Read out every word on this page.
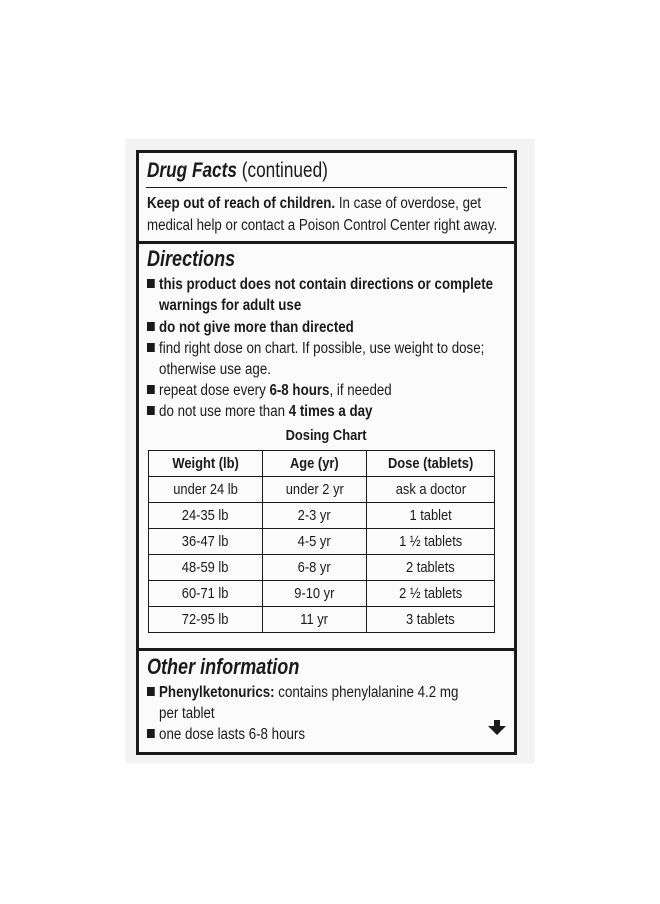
Drug Facts (continued)
Keep out of reach of children. In case of overdose, get
medical help or contact a Poison Control Center right away.
Directions
this product does not contain directions or complete
warnings for adult use
do not give more than directed
find right dose on chart. If possible, use weight to dose;
otherwise use age.
repeat dose every 6-8 hours, if needed
do not use more than 4 times a day
Dosing Chart
Weight (lb)	Age (yr)	Dose (tablets)
under 24 lb	under 2 yr	ask a doctor
24-35 lb	2-3 yr	1 tablet
36-47 lb	4-5 yr	1 ½ tablets
48-59 lb	6-8 yr	2 tablets
60-71 lb	9-10 yr	2 ½ tablets
72-95 lb	11 yr	3 tablets
Other information
Phenylketonurics: contains phenylalanine 4.2 mg
per tablet
one dose lasts 6-8 hours
